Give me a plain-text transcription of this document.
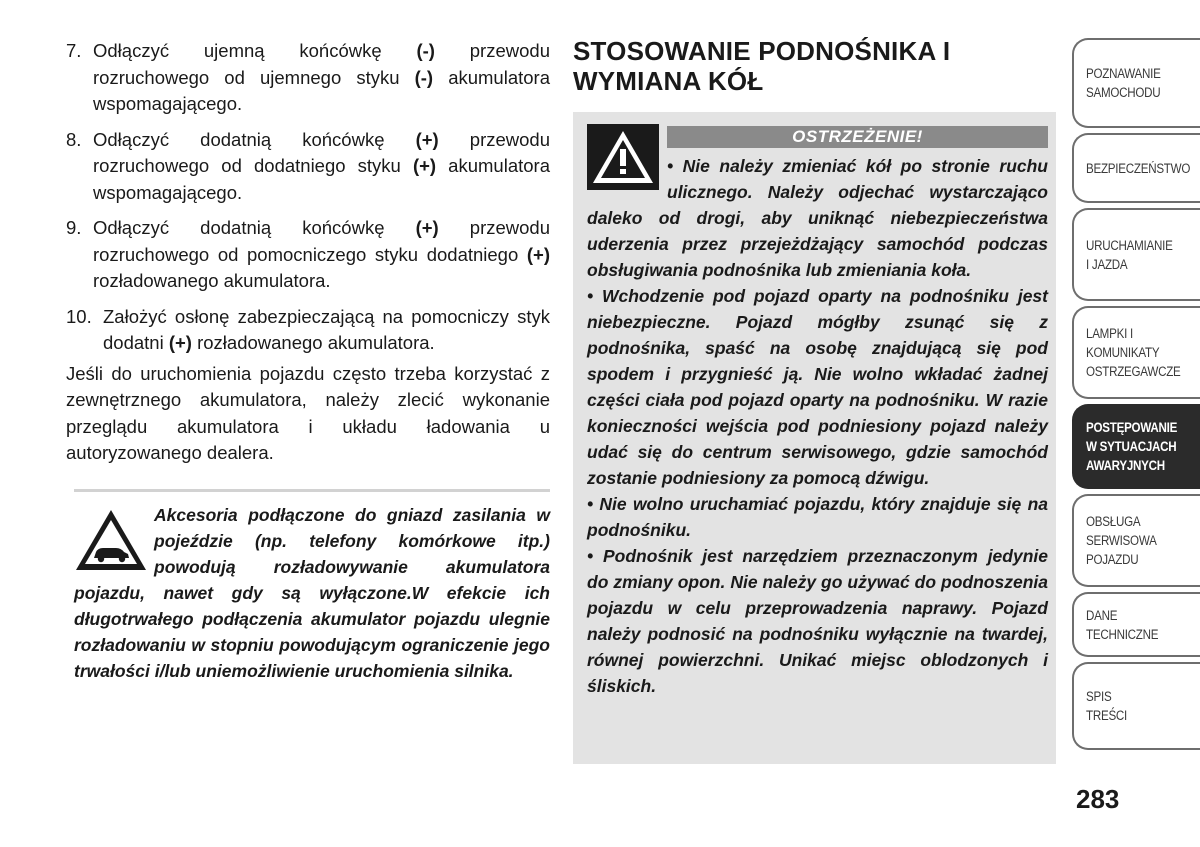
7. Odłączyć ujemną końcówkę (-) przewodu rozruchowego od ujemnego styku (-) akumulatora wspomagającego.
8. Odłączyć dodatnią końcówkę (+) przewodu rozruchowego od dodatniego styku (+) akumulatora wspomagającego.
9. Odłączyć dodatnią końcówkę (+) przewodu rozruchowego od pomocniczego styku dodatniego (+) rozładowanego akumulatora.
10. Założyć osłonę zabezpieczającą na pomocniczy styk dodatni (+) rozładowanego akumulatora.

Jeśli do uruchomienia pojazdu często trzeba korzystać z zewnętrznego akumulatora, należy zlecić wykonanie przeglądu akumulatora i układu ładowania u autoryzowanego dealera.

Akcesoria podłączone do gniazd zasilania w pojeździe (np. telefony komórkowe itp.) powodują rozładowywanie akumulatora pojazdu, nawet gdy są wyłączone.W efekcie ich długotrwałego podłączenia akumulator pojazdu ulegnie rozładowaniu w stopniu powodującym ograniczenie jego trwałości i/lub uniemożliwienie uruchomienia silnika.
STOSOWANIE PODNOŚNIKA I WYMIANA KÓŁ
OSTRZEŻENIE!

• Nie należy zmieniać kół po stronie ruchu ulicznego. Należy odjechać wystarczająco daleko od drogi, aby uniknąć niebezpieczeństwa uderzenia przez przejeżdżający samochód podczas obsługiwania podnośnika lub zmieniania koła.

• Wchodzenie pod pojazd oparty na podnośniku jest niebezpieczne. Pojazd mógłby zsunąć się z podnośnika, spaść na osobę znajdującą się pod spodem i przygnieść ją. Nie wolno wkładać żadnej części ciała pod pojazd oparty na podnośniku. W razie konieczności wejścia pod podniesiony pojazd należy udać się do centrum serwisowego, gdzie samochód zostanie podniesiony za pomocą dźwigu.

• Nie wolno uruchamiać pojazdu, który znajduje się na podnośniku.

• Podnośnik jest narzędziem przeznaczonym jedynie do zmiany opon. Nie należy go używać do podnoszenia pojazdu w celu przeprowadzenia naprawy. Pojazd należy podnosić na podnośniku wyłącznie na twardej, równej powierzchni. Unikać miejsc oblodzonych i śliskich.

POZNAWANIE
SAMOCHODU
BEZPIECZEŃSTWO
URUCHAMIANIE
I JAZDA
LAMPKI I
KOMUNIKATY
OSTRZEGAWCZE
POSTĘPOWANIE
W SYTUACJACH
AWARYJNYCH
OBSŁUGA
SERWISOWA
POJAZDU
DANE
TECHNICZNE
SPIS
TREŚCI
283
